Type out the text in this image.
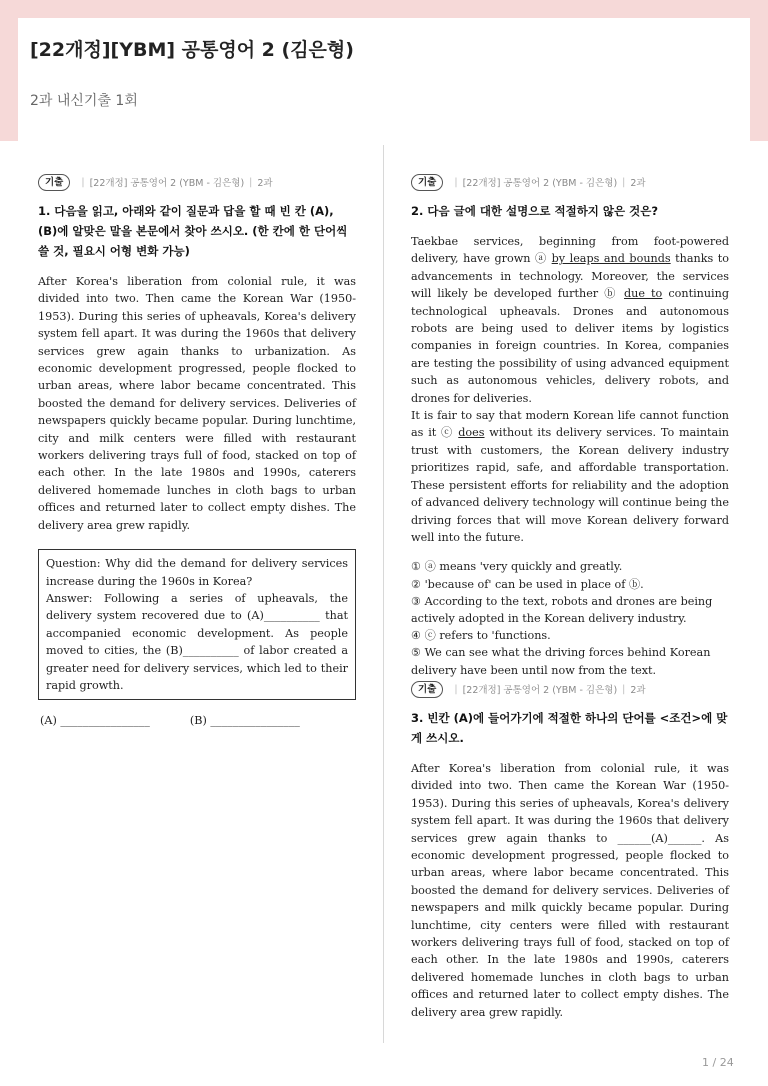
[22개정][YBM] 공통영어 2 (김은형)
2과 내신기출 1회
기출	| [22개정] 공통영어 2 (YBM - 김은형) | 2과
1. 다음을 읽고, 아래와 같이 질문과 답을 할 때 빈 칸 (A), (B)에 알맞은 말을 본문에서 찾아 쓰시오. (한 칸에 한 단어씩 쓸 것, 필요시 어형 변화 가능)
After Korea's liberation from colonial rule, it was divided into two. Then came the Korean War (1950-1953). During this series of upheavals, Korea's delivery system fell apart. It was during the 1960s that delivery services grew again thanks to urbanization. As economic development progressed, people flocked to urban areas, where labor became concentrated. This boosted the demand for delivery services. Deliveries of newspapers quickly became popular. During lunchtime, city and milk centers were filled with restaurant workers delivering trays full of food, stacked on top of each other. In the late 1980s and 1990s, caterers delivered homemade lunches in cloth bags to urban offices and returned later to collect empty dishes. The delivery area grew rapidly.
Question: Why did the demand for delivery services increase during the 1960s in Korea?
Answer: Following a series of upheavals, the delivery system recovered due to (A)__________ that accompanied economic development. As people moved to cities, the (B)__________ of labor created a greater need for delivery services, which led to their rapid growth.
(A) ________________	(B) ________________
기출	| [22개정] 공통영어 2 (YBM - 김은형) | 2과
2. 다음 글에 대한 설명으로 적절하지 않은 것은?

Taekbae services, beginning from foot-powered delivery, have grown ⓐ by leaps and bounds thanks to advancements in technology. Moreover, the services will likely be developed further ⓑ due to continuing technological upheavals. Drones and autonomous robots are being used to deliver items by logistics companies in foreign countries. In Korea, companies are testing the possibility of using advanced equipment such as autonomous vehicles, delivery robots, and drones for deliveries.

It is fair to say that modern Korean life cannot function as it ⓒ does without its delivery services. To maintain trust with customers, the Korean delivery industry prioritizes rapid, safe, and affordable transportation. These persistent efforts for reliability and the adoption of advanced delivery technology will continue being the driving forces that will move Korean delivery forward well into the future.

① ⓐ means 'very quickly and greatly.
② 'because of' can be used in place of ⓑ.
③ According to the text, robots and drones are being actively adopted in the Korean delivery industry.
④ ⓒ refers to 'functions.
⑤ We can see what the driving forces behind Korean delivery have been until now from the text.
기출	| [22개정] 공통영어 2 (YBM - 김은형) | 2과
3. 빈칸 (A)에 들어가기에 적절한 하나의 단어를 <조건>에 맞게 쓰시오.
After Korea's liberation from colonial rule, it was divided into two. Then came the Korean War (1950-1953). During this series of upheavals, Korea's delivery system fell apart. It was during the 1960s that delivery services grew again thanks to ______(A)______. As economic development progressed, people flocked to urban areas, where labor became concentrated. This boosted the demand for delivery services. Deliveries of newspapers and milk quickly became popular. During lunchtime, city centers were filled with restaurant workers delivering trays full of food, stacked on top of each other. In the late 1980s and 1990s, caterers delivered homemade lunches in cloth bags to urban offices and returned later to collect empty dishes. The delivery area grew rapidly.
1 / 24
